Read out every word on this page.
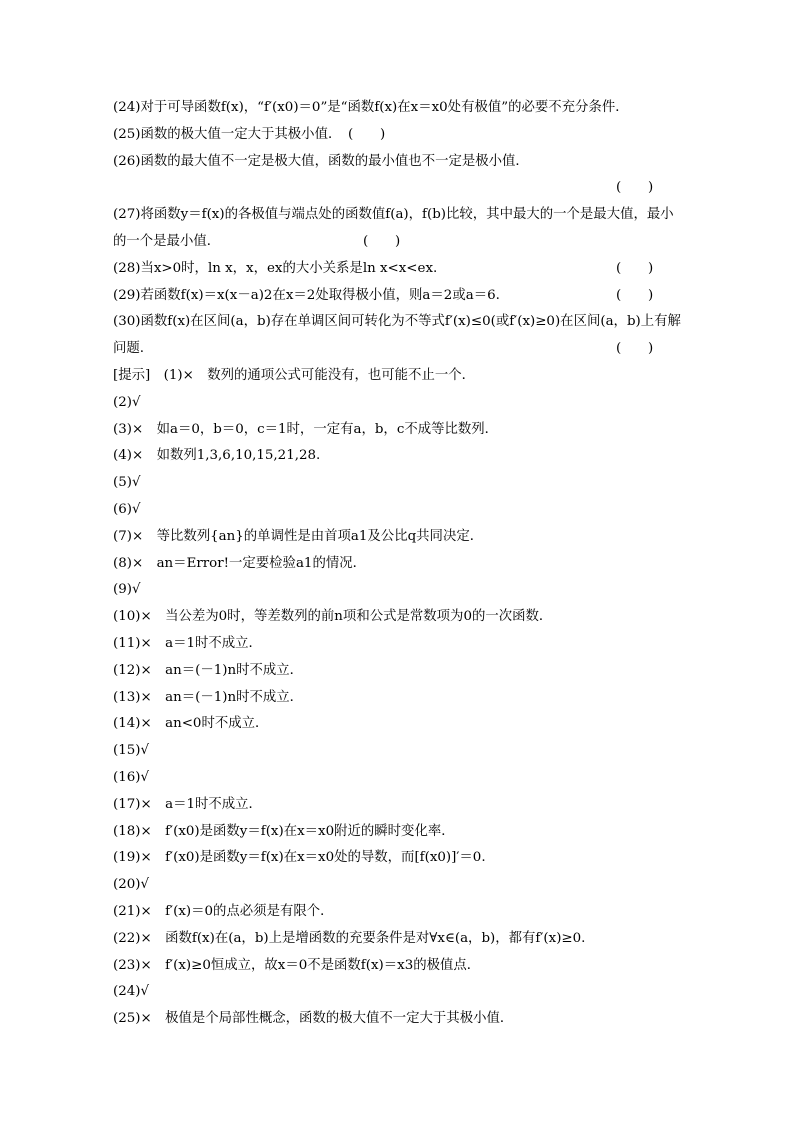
(24)对于可导函数f(x)，“f′(x0)＝0”是“函数f(x)在x＝x0处有极值”的必要不充分条件．
(25)函数的极大值一定大于其极小值．　(　　)
(26)函数的最大值不一定是极大值，函数的最小值也不一定是极小值．
(　　)
(27)将函数y＝f(x)的各极值与端点处的函数值f(a)，f(b)比较，其中最大的一个是最大值，最小
的一个是最小值．	(　　)
(28)当x>0时，ln x，x，ex的大小关系是ln x<x<ex.	(　　)
(29)若函数f(x)＝x(x－a)2在x＝2处取得极小值，则a＝2或a＝6.	(　　)
(30)函数f(x)在区间(a，b)存在单调区间可转化为不等式f′(x)≤0(或f′(x)≥0)在区间(a，b)上有解
问题.	(　　)
[提示]　(1)×　数列的通项公式可能没有，也可能不止一个．
(2)√
(3)×　如a＝0，b＝0，c＝1时，一定有a，b，c不成等比数列．
(4)×　如数列1,3,6,10,15,21,28.
(5)√
(6)√
(7)×　等比数列{an}的单调性是由首项a1及公比q共同决定．
(8)×　an＝Error!一定要检验a1的情况．
(9)√
(10)×　当公差为0时，等差数列的前n项和公式是常数项为0的一次函数．
(11)×　a＝1时不成立．
(12)×　an＝(－1)n时不成立．
(13)×　an＝(－1)n时不成立．
(14)×　an<0时不成立．
(15)√
(16)√
(17)×　a＝1时不成立．
(18)×　f′(x0)是函数y＝f(x)在x＝x0附近的瞬时变化率．
(19)×　f′(x0)是函数y＝f(x)在x＝x0处的导数，而[f(x0)]′＝0.
(20)√
(21)×　f′(x)＝0的点必须是有限个．
(22)×　函数f(x)在(a，b)上是增函数的充要条件是对∀x∈(a，b)，都有f′(x)≥0.
(23)×　f′(x)≥0恒成立，故x＝0不是函数f(x)＝x3的极值点．
(24)√
(25)×　极值是个局部性概念，函数的极大值不一定大于其极小值．
